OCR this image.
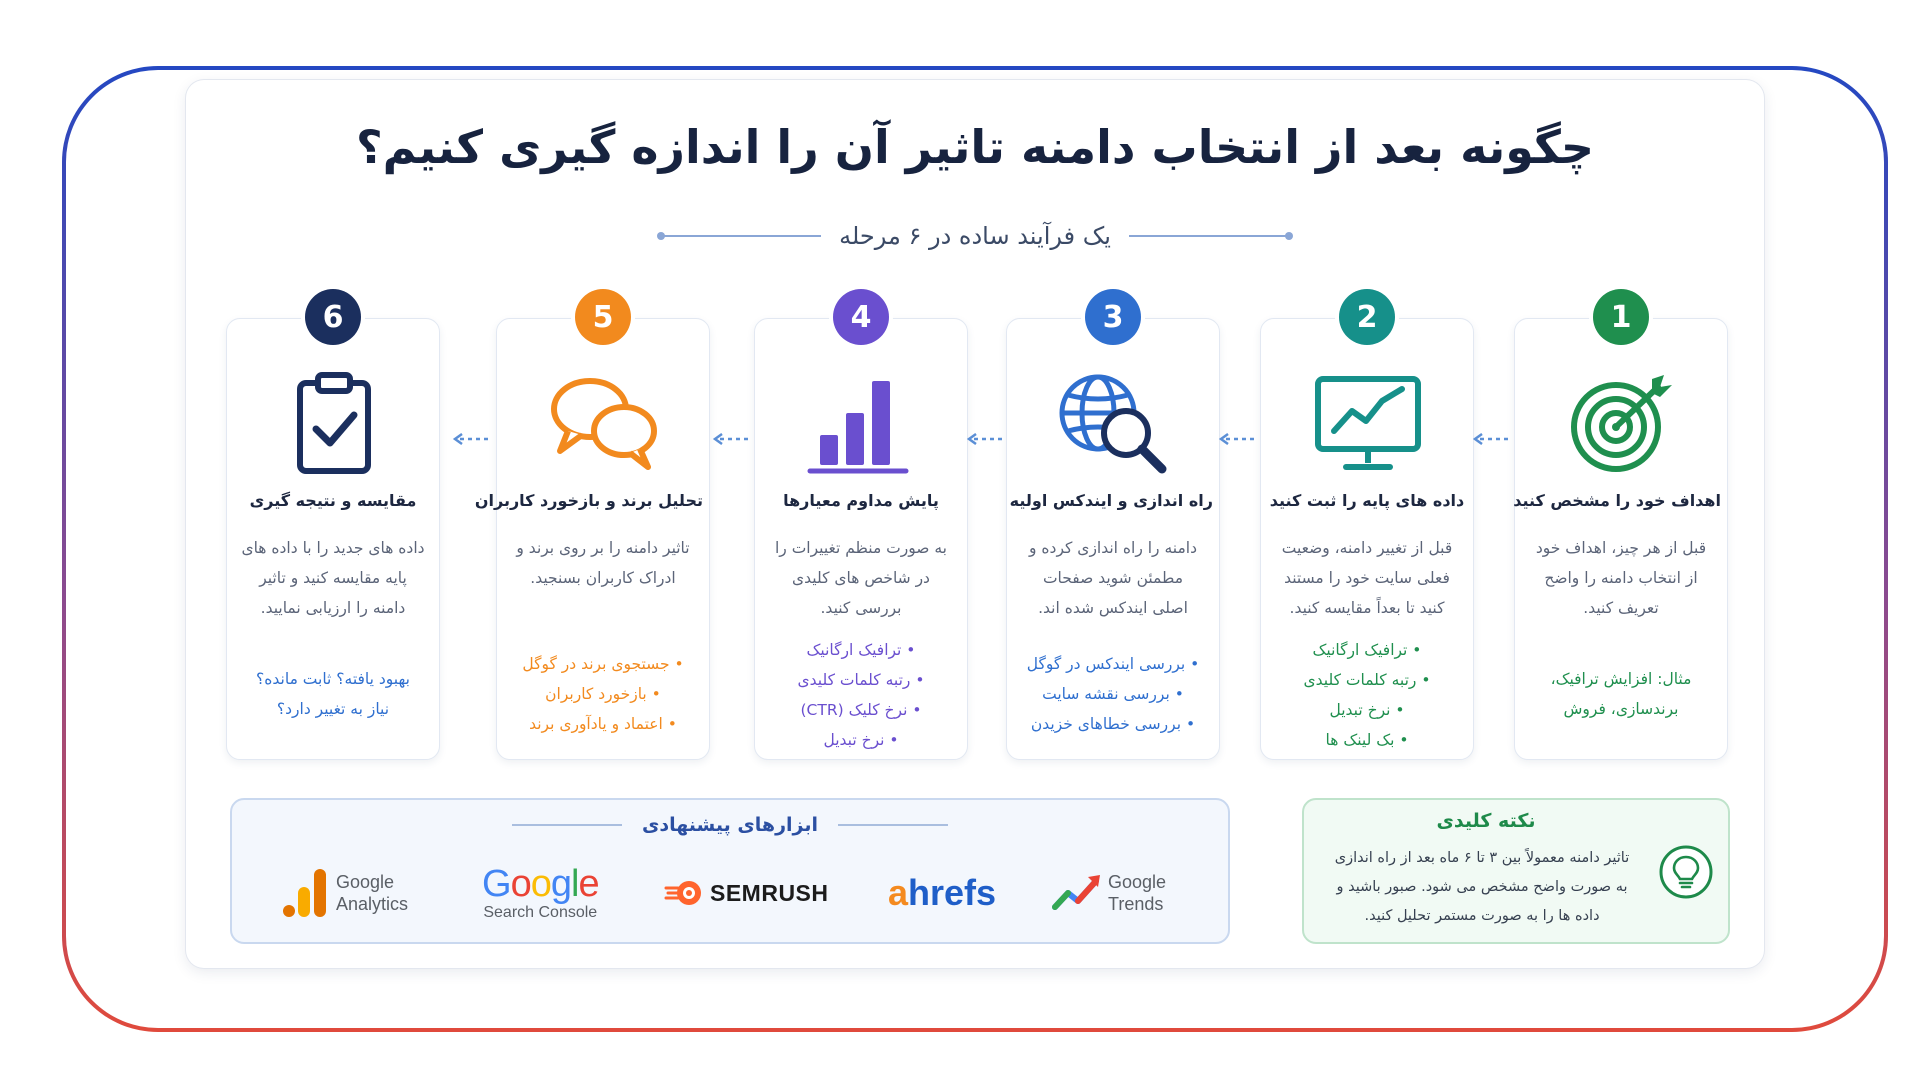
چگونه بعد از انتخاب دامنه تاثیر آن را اندازه گیری کنیم؟
یک فرآیند ساده در ۶ مرحله
1
اهداف خود را مشخص کنید
قبل از هر چیز، اهداف خود
از انتخاب دامنه را واضح
تعریف کنید.
مثال: افزایش ترافیک،
برندسازی، فروش
2
داده های پایه را ثبت کنید
قبل از تغییر دامنه، وضعیت
فعلی سایت خود را مستند
کنید تا بعداً مقایسه کنید.
• ترافیک ارگانیک
• رتبه کلمات کلیدی
• نرخ تبدیل
• بک لینک ها
3
راه اندازی و ایندکس اولیه
دامنه را راه اندازی کرده و
مطمئن شوید صفحات
اصلی ایندکس شده اند.
• بررسی ایندکس در گوگل
• بررسی نقشه سایت
• بررسی خطاهای خزیدن
4
پایش مداوم معیارها
به صورت منظم تغییرات را
در شاخص های کلیدی
بررسی کنید.
• ترافیک ارگانیک
• رتبه کلمات کلیدی
• نرخ کلیک (CTR)
• نرخ تبدیل
5
تحلیل برند و بازخورد کاربران
تاثیر دامنه را بر روی برند و
ادراک کاربران بسنجید.
• جستجوی برند در گوگل
• بازخورد کاربران
• اعتماد و یادآوری برند
6
مقایسه و نتیجه گیری
داده های جدید را با داده های
پایه مقایسه کنید و تاثیر
دامنه را ارزیابی نمایید.
بهبود یافته؟ ثابت مانده؟
نیاز به تغییر دارد؟
ابزارهای پیشنهادی
Google
Analytics Google
Search Console
SEMRUSH a hrefs	Google
Trends
نکته کلیدی
تاثیر دامنه معمولاً بین ۳ تا ۶ ماه بعد از راه اندازی
به صورت واضح مشخص می شود. صبور باشید و
داده ها را به صورت مستمر تحلیل کنید.
